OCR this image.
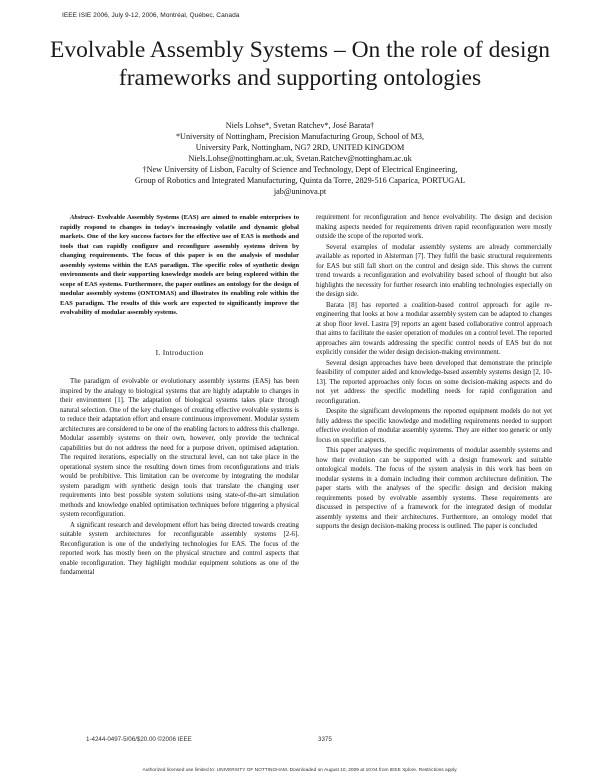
IEEE ISIE 2006, July 9-12, 2006, Montréal, Québec, Canada
Evolvable Assembly Systems – On the role of design
frameworks and supporting ontologies
Niels Lohse*, Svetan Ratchev*, José Barata†
*University of Nottingham, Precision Manufacturing Group, School of M3,
University Park, Nottingham, NG7 2RD, UNITED KINGDOM
Niels.Lohse@nottingham.ac.uk, Svetan.Ratchev@nottingham.ac.uk
†New University of Lisbon, Faculty of Science and Technology, Dept of Electrical Engineering,
Group of Robotics and Integrated Manufacturing, Quinta da Torre, 2829-516 Caparica, PORTUGAL
jab@uninova.pt

Abstract- Evolvable Assembly Systems (EAS) are aimed to enable enterprises to rapidly respond to changes in today's increasingly volatile and dynamic global markets. One of the key success factors for the effective use of EAS is methods and tools that can rapidly configure and reconfigure assembly systems driven by changing requirements. The focus of this paper is on the analysis of modular assembly systems within the EAS paradigm. The specific roles of synthetic design environments and their supporting knowledge models are being explored within the scope of EAS systems. Furthermore, the paper outlines an ontology for the design of modular assembly systems (ONTOMAS) and illustrates its enabling role within the EAS paradigm. The results of this work are expected to significantly improve the evolvability of modular assembly systems.

I. Introduction

The paradigm of evolvable or evolutionary assembly systems (EAS) has been inspired by the analogy to biological systems that are highly adaptable to changes in their environment [1]. The adaptation of biological systems takes place through natural selection. One of the key challenges of creating effective evolvable systems is to reduce their adaptation effort and ensure continuous improvement. Modular system architectures are considered to be one of the enabling factors to address this challenge. Modular assembly systems on their own, however, only provide the technical capabilities but do not address the need for a purpose driven, optimised adaptation. The required iterations, especially on the structural level, can not take place in the operational system since the resulting down times from reconfigurations and trials would be prohibitive. This limitation can be overcome by integrating the modular system paradigm with synthetic design tools that translate the changing user requirements into best possible system solutions using state-of-the-art simulation methods and knowledge enabled optimisation techniques before triggering a physical system reconfiguration.

A significant research and development effort has being directed towards creating suitable system architectures for reconfigurable assembly systems [2-6]. Reconfiguration is one of the underlying technologies for EAS. The focus of the reported work has mostly been on the physical structure and control aspects that enable reconfiguration. They highlight modular equipment solutions as one of the fundamental

requirement for reconfiguration and hence evolvability. The design and decision making aspects needed for requirements driven rapid reconfiguration were mostly outside the scope of the reported work.

Several examples of modular assembly systems are already commercially available as reported in Alsterman [7]. They fulfil the basic structural requirements for EAS but still fall short on the control and design side. This shows the current trend towards a reconfiguration and evolvability based school of thought but also highlights the necessity for further research into enabling technologies especially on the design side.

Barata [8] has reported a coalition-based control approach for agile re-engineering that looks at how a modular assembly system can be adapted to changes at shop floor level. Lastra [9] reports an agent based collaborative control approach that aims to facilitate the easier operation of modules on a control level. The reported approaches aim towards addressing the specific control needs of EAS but do not explicitly consider the wider design decision-making environment.

Several design approaches have been developed that demonstrate the principle feasibility of computer aided and knowledge-based assembly systems design [2, 10-13]. The reported approaches only focus on some decision-making aspects and do not yet address the specific modelling needs for rapid configuration and reconfiguration.

Despite the significant developments the reported equipment models do not yet fully address the specific knowledge and modelling requirements needed to support effective evolution of modular assembly systems. They are either too generic or only focus on specific aspects.

This paper analyses the specific requirements of modular assembly systems and how their evolution can be supported with a design framework and suitable ontological models. The focus of the system analysis in this work has been on modular systems in a domain including their common architecture definition. The paper starts with the analyses of the specific design and decision making requirements posed by evolvable assembly systems. These requirements are discussed in perspective of a framework for the integrated design of modular assembly systems and their architectures. Furthermore, an ontology model that supports the design decision-making process is outlined. The paper is concluded

1-4244-0497-5/06/$20.00 ©2006 IEEE	3375
Authorized licensed use limited to: UNIVERSITY OF NOTTINGHAM. Downloaded on August 10, 2009 at 10:04 from IEEE Xplore. Restrictions apply.
